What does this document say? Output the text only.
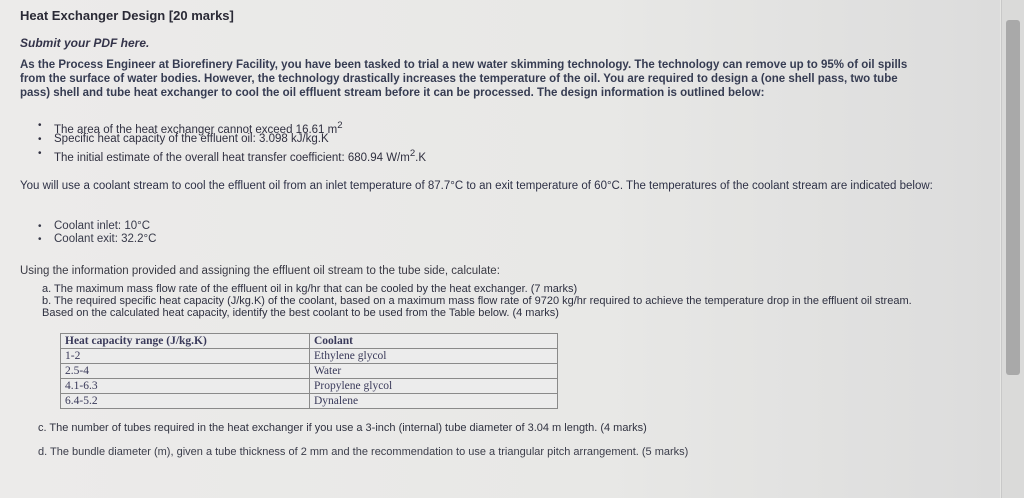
Heat Exchanger Design [20 marks]
Submit your PDF here.
As the Process Engineer at Biorefinery Facility, you have been tasked to trial a new water skimming technology. The technology can remove up to 95% of oil spills from the surface of water bodies. However, the technology drastically increases the temperature of the oil. You are required to design a (one shell pass, two tube pass) shell and tube heat exchanger to cool the oil effluent stream before it can be processed. The design information is outlined below:
• The area of the heat exchanger cannot exceed 16.61 $m^2$
• Specific heat capacity of the effluent oil: 3.098 kJ/kg.K
• The initial estimate of the overall heat transfer coefficient: 680.94 $W/m^2.K$
You will use a coolant stream to cool the effluent oil from an inlet temperature of 87.7°C to an exit temperature of 60°C. The temperatures of the coolant stream are indicated below:
• Coolant inlet: 10°C
• Coolant exit: 32.2°C
Using the information provided and assigning the effluent oil stream to the tube side, calculate:
a. The maximum mass flow rate of the effluent oil in kg/hr that can be cooled by the heat exchanger. (7 marks)
b. The required specific heat capacity (J/kg.K) of the coolant, based on a maximum mass flow rate of 9720 kg/hr required to achieve the temperature drop in the effluent oil stream. Based on the calculated heat capacity, identify the best coolant to be used from the Table below. (4 marks)
Heat capacity range (J/kg.K)	Coolant
1-2	Ethylene glycol
2.5-4	Water
4.1-6.3	Propylene glycol
6.4-5.2	Dynalene
c. The number of tubes required in the heat exchanger if you use a 3-inch (internal) tube diameter of 3.04 m length. (4 marks)
d. The bundle diameter (m), given a tube thickness of 2 mm and the recommendation to use a triangular pitch arrangement. (5 marks)
